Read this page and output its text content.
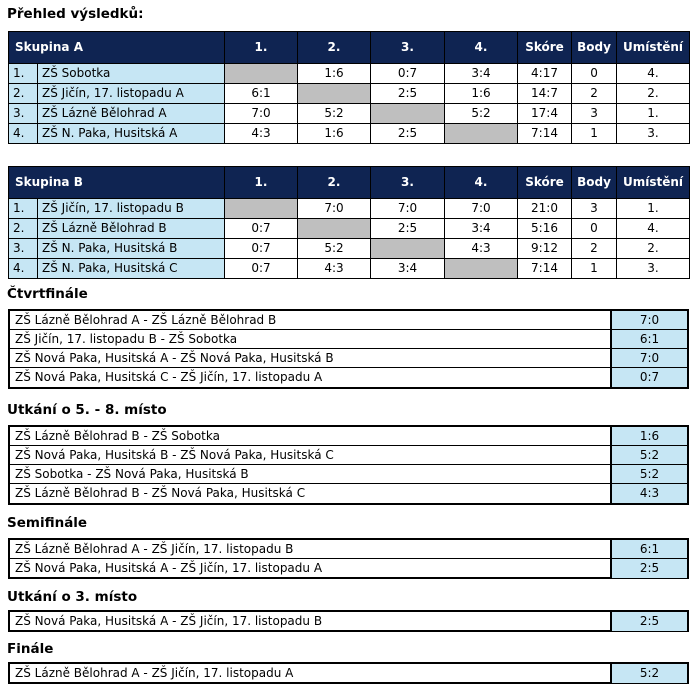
Přehled výsledků:
Skupina A		1.	2.	3.	4.	Skóre	Body	Umístění
1.	ZŠ Sobotka		1:6	0:7	3:4	4:17	0	4.
2.	ZŠ Jičín, 17. listopadu A	6:1		2:5	1:6	14:7	2	2.
3.	ZŠ Lázně Bělohrad A	7:0	5:2		5:2	17:4	3	1.
4.	ZŠ N. Paka, Husitská A	4:3	1:6	2:5		7:14	1	3.
Skupina B		1.	2.	3.	4.	Skóre	Body	Umístění
1.	ZŠ Jičín, 17. listopadu B		7:0	7:0	7:0	21:0	3	1.
2.	ZŠ Lázně Bělohrad B	0:7		2:5	3:4	5:16	0	4.
3.	ZŠ N. Paka, Husitská B	0:7	5:2		4:3	9:12	2	2.
4.	ZŠ N. Paka, Husitská C	0:7	4:3	3:4		7:14	1	3.
Čtvrtfinále
ZŠ Lázně Bělohrad A - ZŠ Lázně Bělohrad B	7:0
ZŠ Jičín, 17. listopadu B - ZŠ Sobotka	6:1
ZŠ Nová Paka, Husitská A - ZŠ Nová Paka, Husitská B	7:0
ZŠ Nová Paka, Husitská C - ZŠ Jičín, 17. listopadu A	0:7
Utkání o 5. - 8. místo
ZŠ Lázně Bělohrad B - ZŠ Sobotka	1:6
ZŠ Nová Paka, Husitská B - ZŠ Nová Paka, Husitská C	5:2
ZŠ Sobotka - ZŠ Nová Paka, Husitská B	5:2
ZŠ Lázně Bělohrad B - ZŠ Nová Paka, Husitská C	4:3
Semifinále
ZŠ Lázně Bělohrad A - ZŠ Jičín, 17. listopadu B	6:1
ZŠ Nová Paka, Husitská A - ZŠ Jičín, 17. listopadu A	2:5
Utkání o 3. místo
ZŠ Nová Paka, Husitská A - ZŠ Jičín, 17. listopadu B	2:5
Finále
ZŠ Lázně Bělohrad A - ZŠ Jičín, 17. listopadu A	5:2
